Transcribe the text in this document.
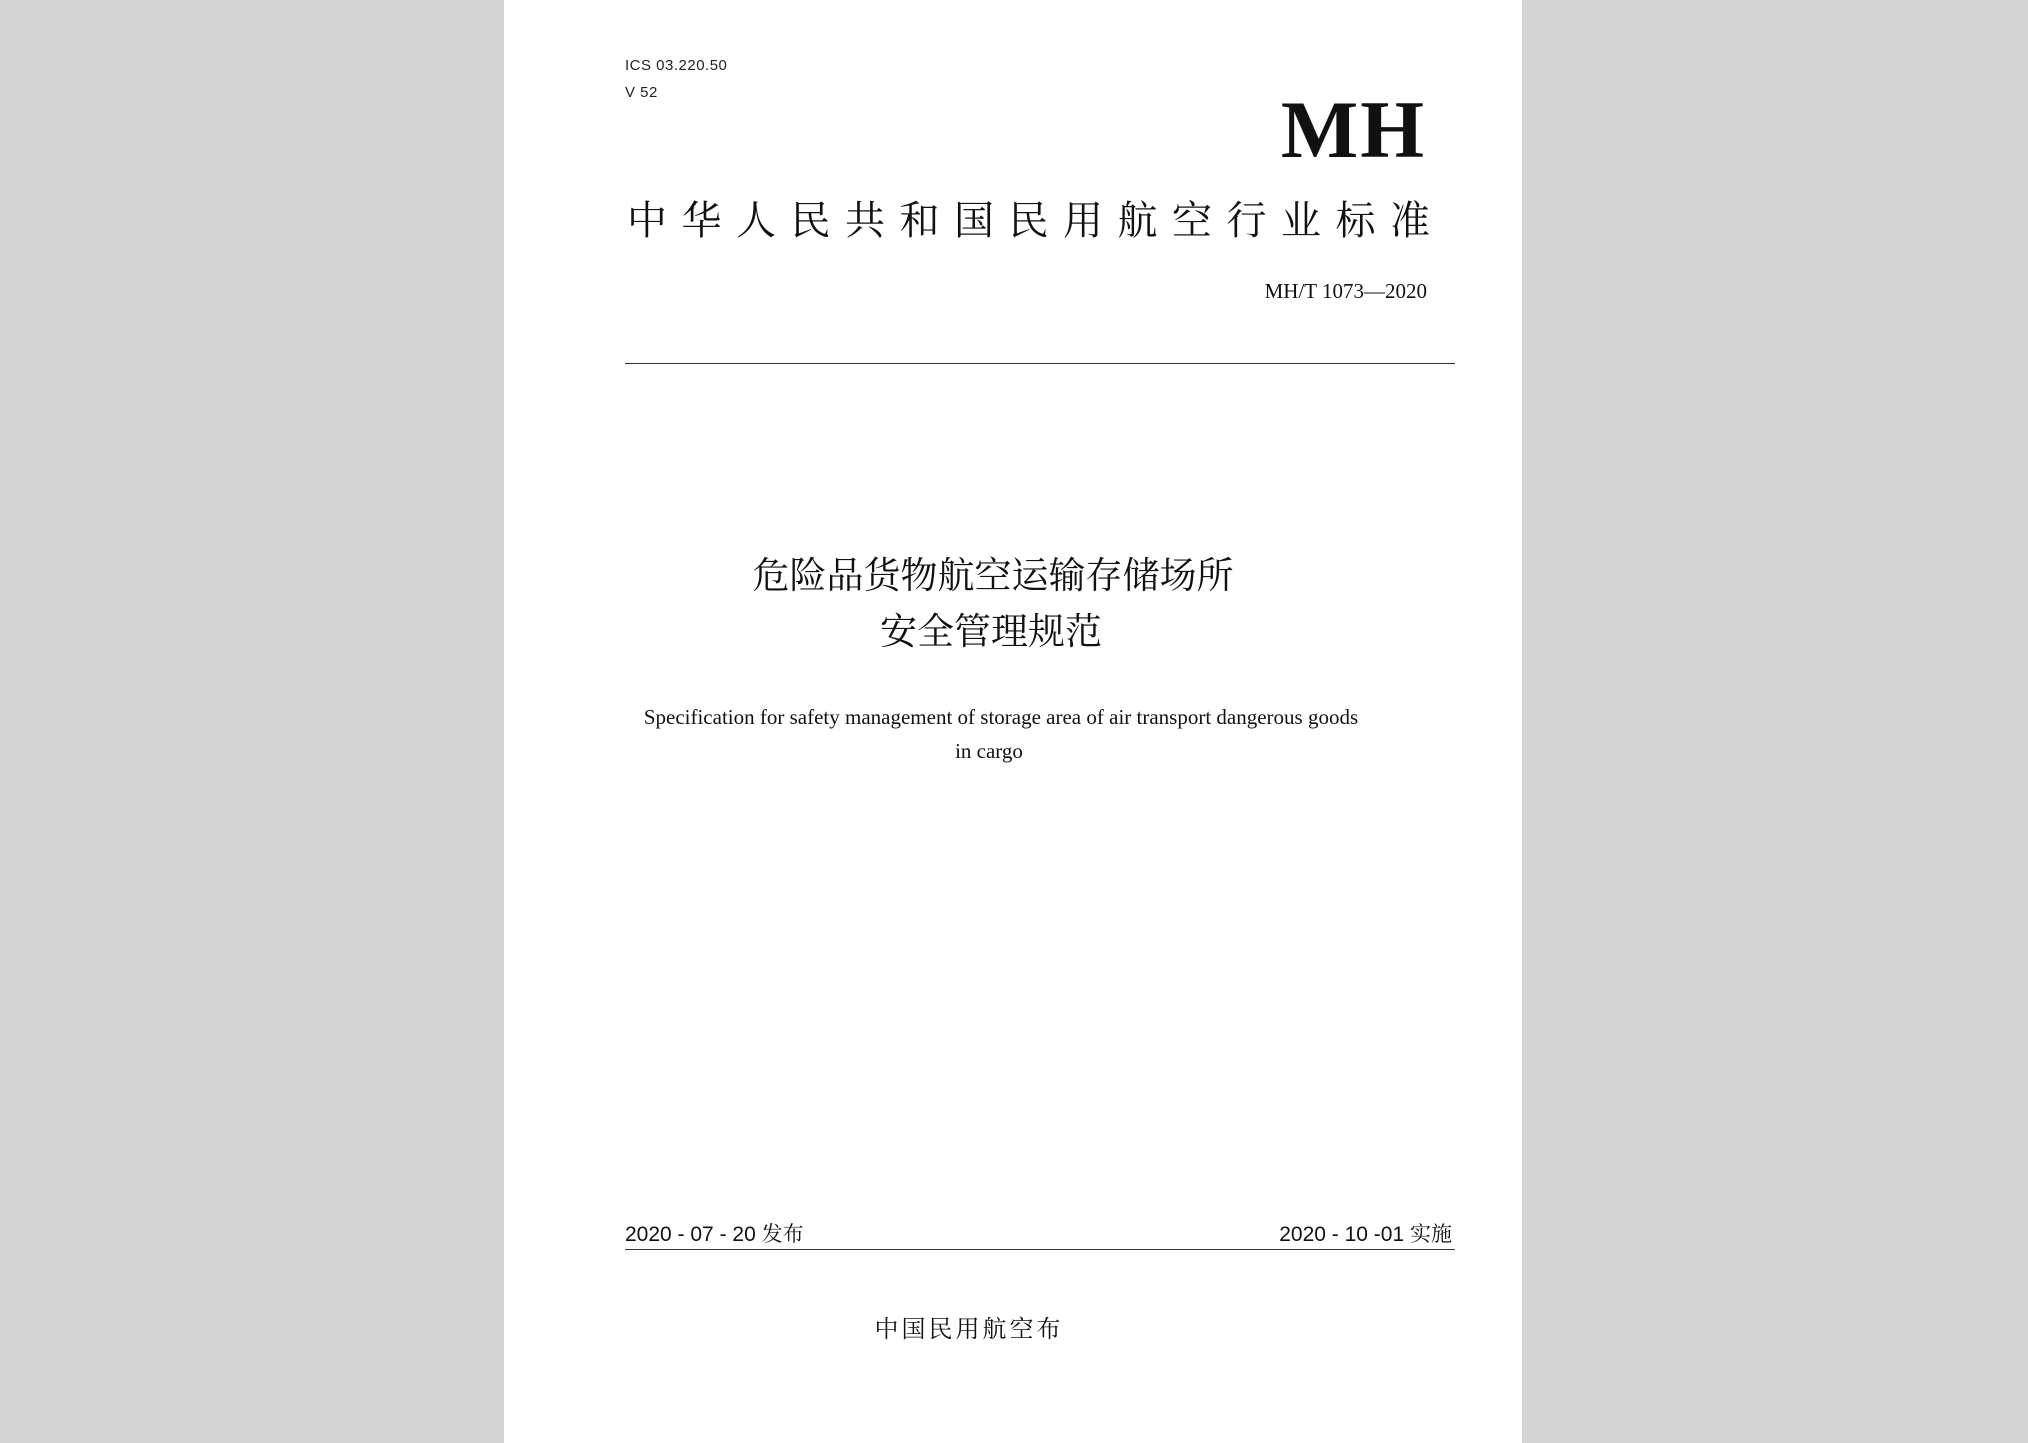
ICS 03.220.50
V 52	MH
中华人民共和国民用航空行业标准
MH/T 1073—2020
危险品货物航空运输存储场所
安全管理规范
Specification for safety management of storage area of air transport dangerous goods
in cargo
2020 - 07 - 20 发布	2020 - 10 -01 实施
中国民用航空布
